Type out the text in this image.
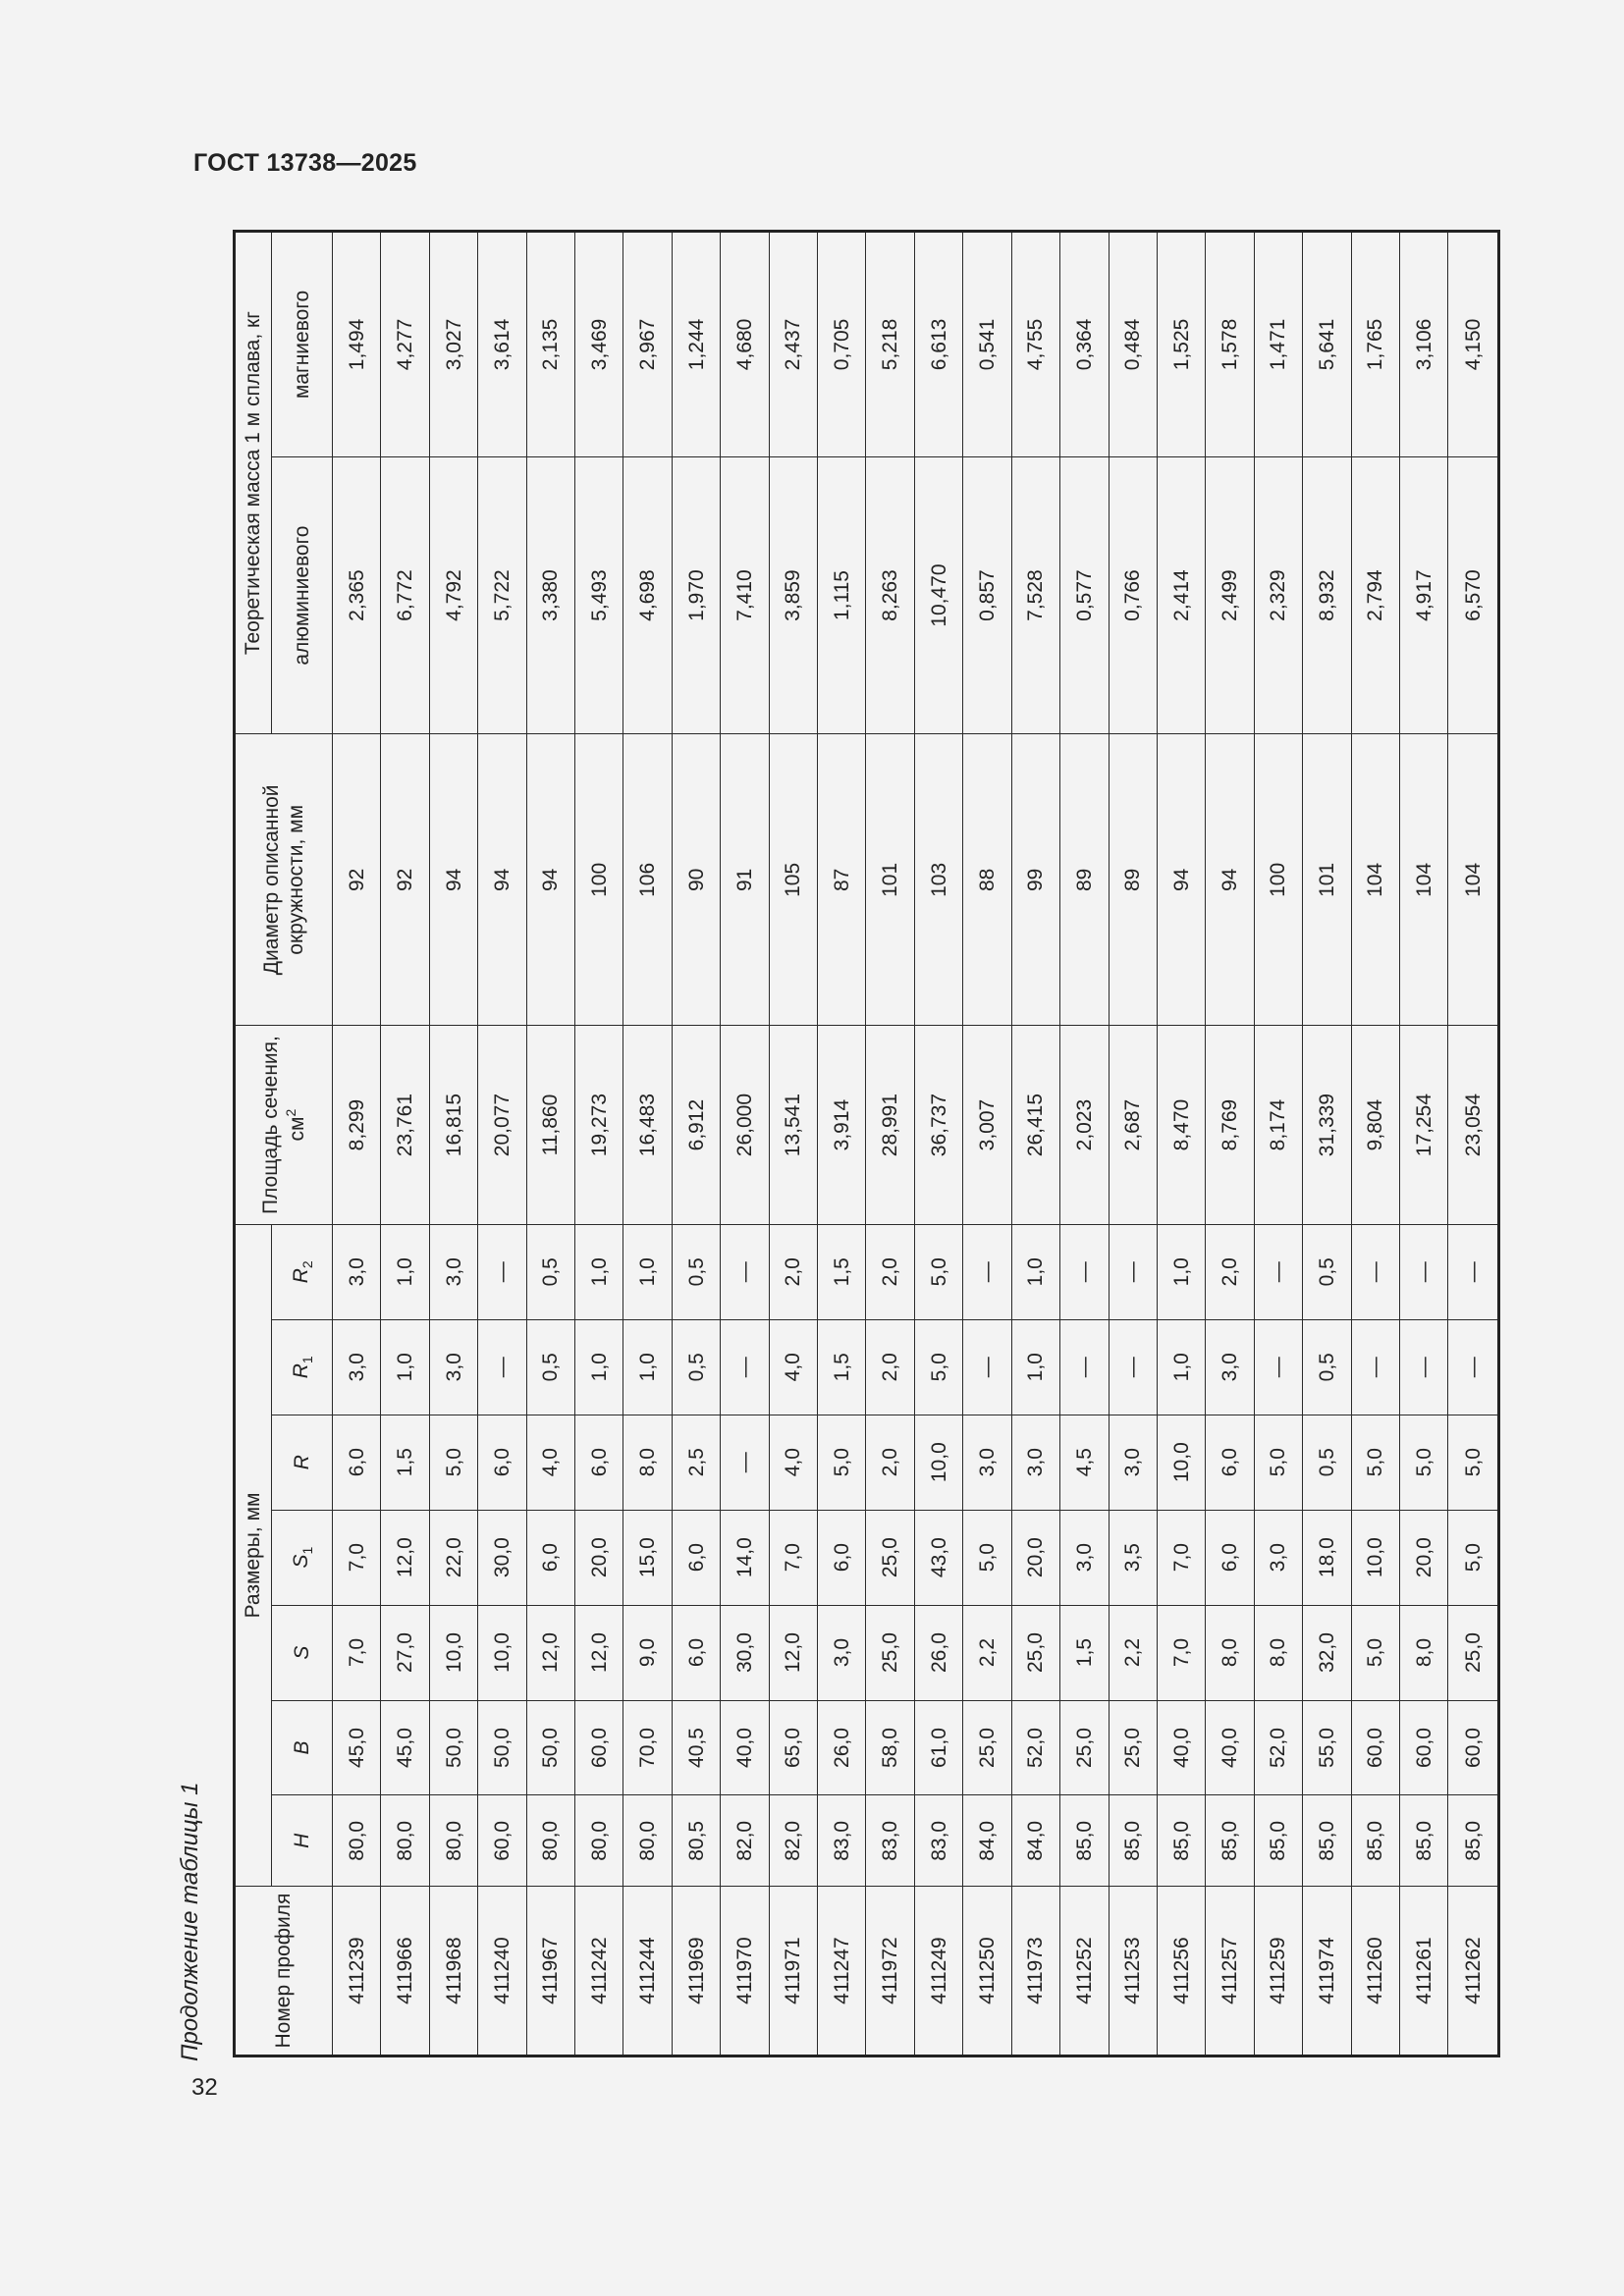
ГОСТ 13738—2025
Продолжение таблицы 1
32
Номер профиля	Размеры, мм							Площадь сечения, $см^2$	Диаметр описанной окружности, мм	Теоретическая масса 1 м сплава, кг	
	H	B	S	$S_1$	R	$R_1$	$R_2$			алюминиевого	магниевого
411239	80,0	45,0	7,0	7,0	6,0	3,0	3,0	8,299	92	2,365	1,494
411966	80,0	45,0	27,0	12,0	1,5	1,0	1,0	23,761	92	6,772	4,277
411968	80,0	50,0	10,0	22,0	5,0	3,0	3,0	16,815	94	4,792	3,027
411240	60,0	50,0	10,0	30,0	6,0	—	—	20,077	94	5,722	3,614
411967	80,0	50,0	12,0	6,0	4,0	0,5	0,5	11,860	94	3,380	2,135
411242	80,0	60,0	12,0	20,0	6,0	1,0	1,0	19,273	100	5,493	3,469
411244	80,0	70,0	9,0	15,0	8,0	1,0	1,0	16,483	106	4,698	2,967
411969	80,5	40,5	6,0	6,0	2,5	0,5	0,5	6,912	90	1,970	1,244
411970	82,0	40,0	30,0	14,0	—	—	—	26,000	91	7,410	4,680
411971	82,0	65,0	12,0	7,0	4,0	4,0	2,0	13,541	105	3,859	2,437
411247	83,0	26,0	3,0	6,0	5,0	1,5	1,5	3,914	87	1,115	0,705
411972	83,0	58,0	25,0	25,0	2,0	2,0	2,0	28,991	101	8,263	5,218
411249	83,0	61,0	26,0	43,0	10,0	5,0	5,0	36,737	103	10,470	6,613
411250	84,0	25,0	2,2	5,0	3,0	—	—	3,007	88	0,857	0,541
411973	84,0	52,0	25,0	20,0	3,0	1,0	1,0	26,415	99	7,528	4,755
411252	85,0	25,0	1,5	3,0	4,5	—	—	2,023	89	0,577	0,364
411253	85,0	25,0	2,2	3,5	3,0	—	—	2,687	89	0,766	0,484
411256	85,0	40,0	7,0	7,0	10,0	1,0	1,0	8,470	94	2,414	1,525
411257	85,0	40,0	8,0	6,0	6,0	3,0	2,0	8,769	94	2,499	1,578
411259	85,0	52,0	8,0	3,0	5,0	—	—	8,174	100	2,329	1,471
411974	85,0	55,0	32,0	18,0	0,5	0,5	0,5	31,339	101	8,932	5,641
411260	85,0	60,0	5,0	10,0	5,0	—	—	9,804	104	2,794	1,765
411261	85,0	60,0	8,0	20,0	5,0	—	—	17,254	104	4,917	3,106
411262	85,0	60,0	25,0	5,0	5,0	—	—	23,054	104	6,570	4,150
